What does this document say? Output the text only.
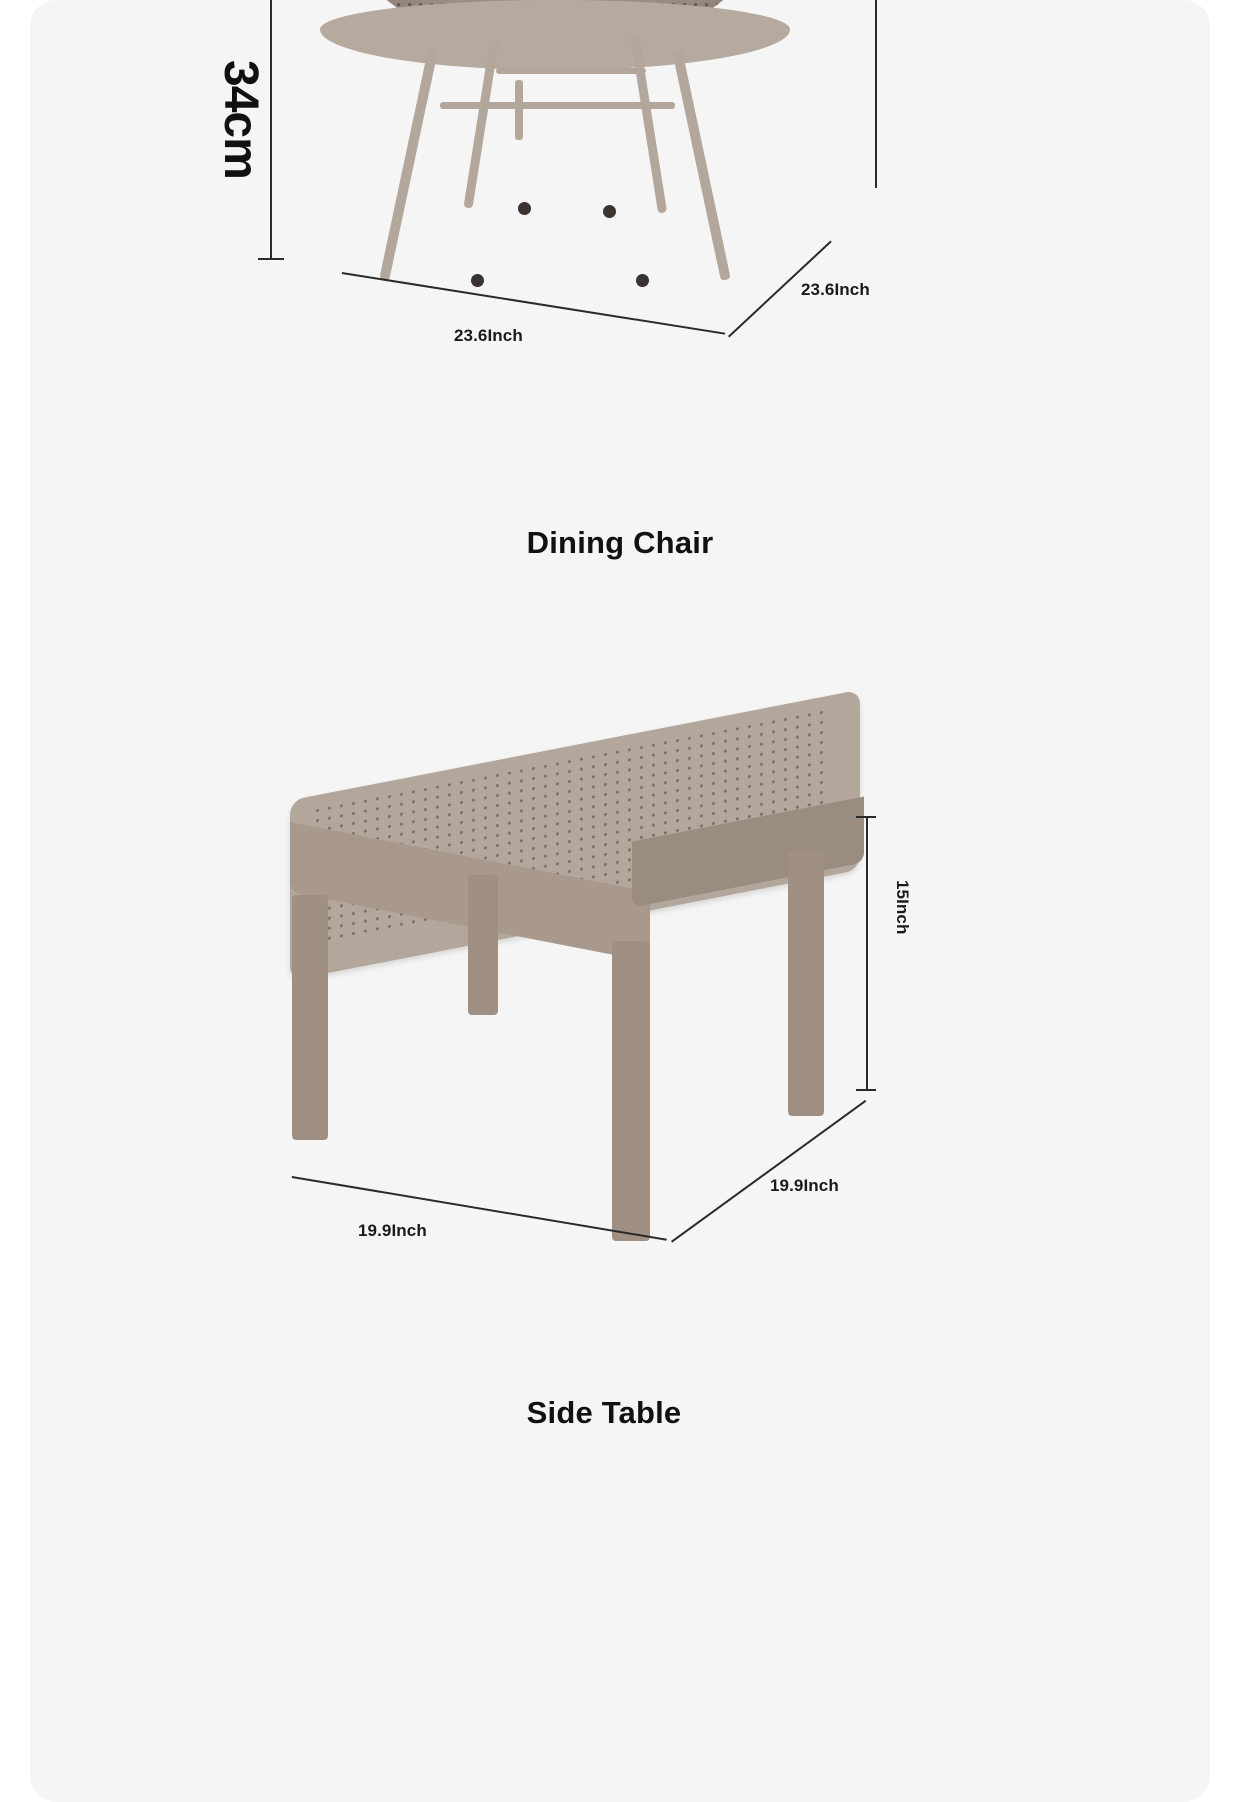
34cm
23.6Inch
23.6Inch
Dining Chair
15Inch
19.9Inch
19.9Inch
Side Table
